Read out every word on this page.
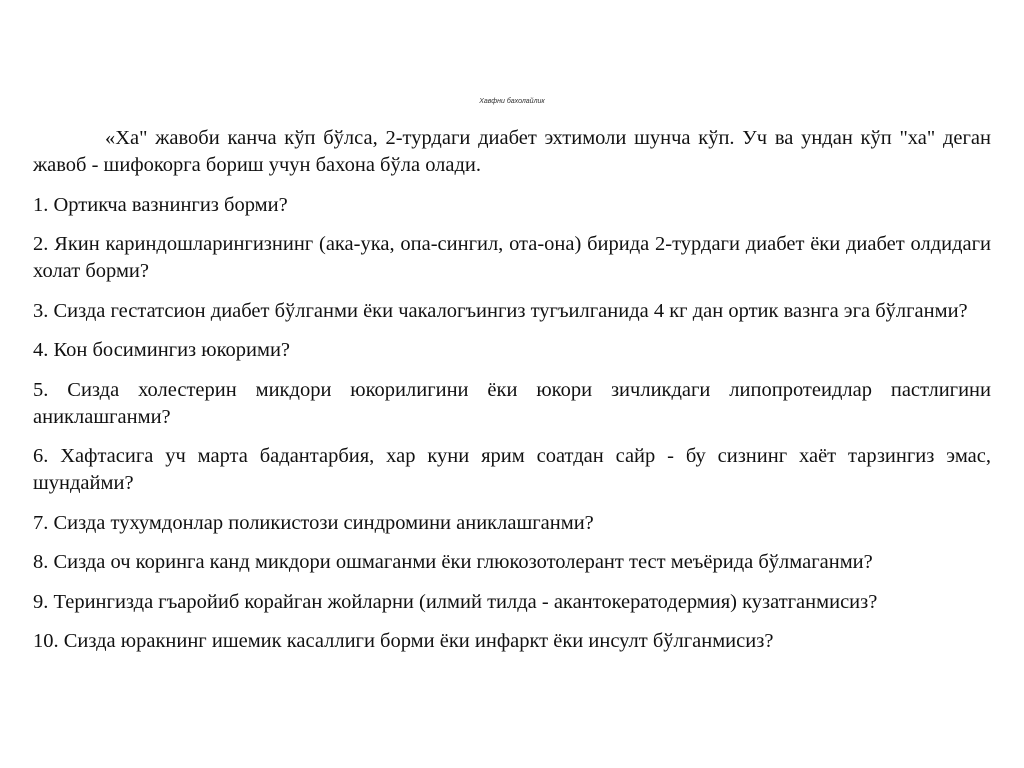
Хавфни бахолайлик

«Ха" жавоби канча кўп бўлса, 2-турдаги диабет эхтимоли шунча кўп. Уч ва ундан кўп "ха" деган жавоб - шифокорга бориш учун бахона бўла олади.

1. Ортикча вазнингиз борми?

2. Якин кариндошларингизнинг (ака-ука, опа-сингил, ота-она) бирида 2-турдаги диабет ёки диабет олдидаги холат борми?

3. Сизда гестатсион диабет бўлганми ёки чакалогъингиз тугъилганида 4 кг дан ортик вазнга эга бўлганми?

4. Кон босимингиз юкорими?

5. Сизда холестерин микдори юкорилигини ёки юкори зичликдаги липопротеидлар пастлигини аниклашганми?

6. Хафтасига уч марта бадантарбия, хар куни ярим соатдан сайр - бу сизнинг хаёт тарзингиз эмас, шундайми?

7. Сизда тухумдонлар поликистози синдромини аниклашганми?

8. Сизда оч коринга канд микдори ошмаганми ёки глюкозотолерант тест меъёрида бўлмаганми?

9. Терингизда гъаройиб корайган жойларни (илмий тилда - акантокератодермия) кузатганмисиз?

10. Сизда юракнинг ишемик касаллиги борми ёки инфаркт ёки инсулт бўлганмисиз?
